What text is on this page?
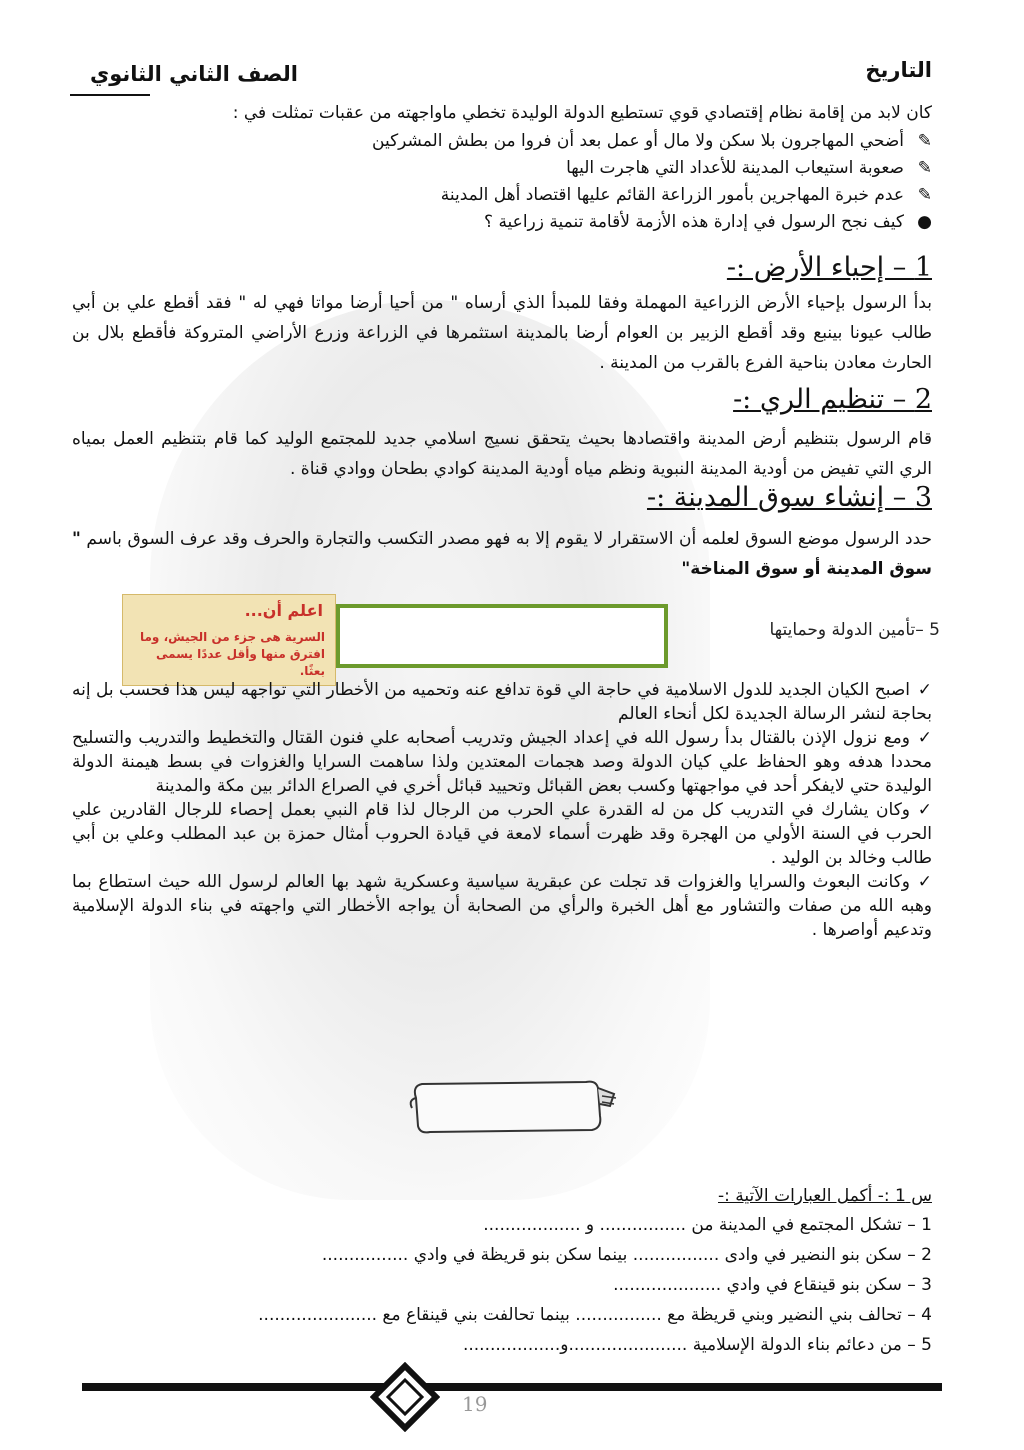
التاريخ
الصف الثاني الثانوي
كان لابد من إقامة نظام إقتصادي قوي تستطيع الدولة الوليدة تخطي ماواجهته من عقبات تمثلت في :
✎أضحي المهاجرون بلا سكن ولا مال أو عمل بعد أن فروا من بطش المشركين
✎صعوبة استيعاب المدينة للأعداد التي هاجرت اليها
✎عدم خبرة المهاجرين بأمور الزراعة القائم عليها اقتصاد أهل المدينة
●كيف نجح الرسول في إدارة هذه الأزمة لأقامة تنمية زراعية ؟
1 – إحياء الأرض :-
بدأ الرسول بإحياء الأرض الزراعية المهملة وفقا للمبدأ الذي أرساه " من أحيا أرضا مواتا فهي له " فقد أقطع علي بن أبي طالب عيونا بينبع وقد أقطع الزبير بن العوام أرضا بالمدينة استثمرها في الزراعة وزرع الأراضي المتروكة فأقطع بلال بن الحارث معادن بناحية الفرع بالقرب من المدينة .
2 – تنظيم الري :-
قام الرسول بتنظيم أرض المدينة واقتصادها بحيث يتحقق نسيج اسلامي جديد للمجتمع الوليد كما قام بتنظيم العمل بمياه الري التي تفيض من أودية المدينة النبوية ونظم مياه أودية المدينة كوادي بطحان ووادي قناة .
3 – إنشاء سوق المدينة :-
حدد الرسول موضع السوق لعلمه أن الاستقرار لا يقوم إلا به فهو مصدر التكسب والتجارة والحرف وقد عرف السوق باسم " سوق المدينة أو سوق المناخة"
اعلم أن...
السرية هى جزء من الجيش، وما افترق منها وأقل عددًا يسمى بعثًا.
5 –تأمين الدولة وحمايتها
✓اصبح الكيان الجديد للدول الاسلامية في حاجة الي قوة تدافع عنه وتحميه من الأخطار التي تواجهه ليس هذا فحسب بل إنه بحاجة لنشر الرسالة الجديدة لكل أنحاء العالم
✓ومع نزول الإذن بالقتال بدأ رسول الله في إعداد الجيش وتدريب أصحابه علي فنون القتال والتخطيط والتدريب والتسليح محددا هدفه وهو الحفاظ علي كيان الدولة وصد هجمات المعتدين ولذا ساهمت السرايا والغزوات في بسط هيمنة الدولة الوليدة حتي لايفكر أحد في مواجهتها وكسب بعض القبائل وتحييد قبائل أخري في الصراع الدائر بين مكة والمدينة
✓وكان يشارك في التدريب كل من له القدرة علي الحرب من الرجال لذا قام النبي بعمل إحصاء للرجال القادرين علي الحرب في السنة الأولي من الهجرة وقد ظهرت أسماء لامعة في قيادة الحروب أمثال حمزة بن عبد المطلب وعلي بن أبي طالب وخالد بن الوليد .
✓وكانت البعوث والسرايا والغزوات قد تجلت عن عبقرية سياسية وعسكرية شهد بها العالم لرسول الله حيث استطاع بما وهبه الله من صفات والتشاور مع أهل الخبرة والرأي من الصحابة أن يواجه الأخطار التي واجهته في بناء الدولة الإسلامية وتدعيم أواصرها .
س 1 :- أكمل العبارات الآتية :-
1 – تشكل المجتمع في المدينة من ................ و ..................
2 – سكن بنو النضير في وادى ................ بينما سكن بنو قريظة في وادي ................
3 – سكن بنو قينقاع في وادي ....................
4 – تحالف بني النضير وبني قريظة مع ................ بينما تحالفت بني قينقاع مع ......................
5 – من دعائم بناء الدولة الإسلامية ......................و..................
19
